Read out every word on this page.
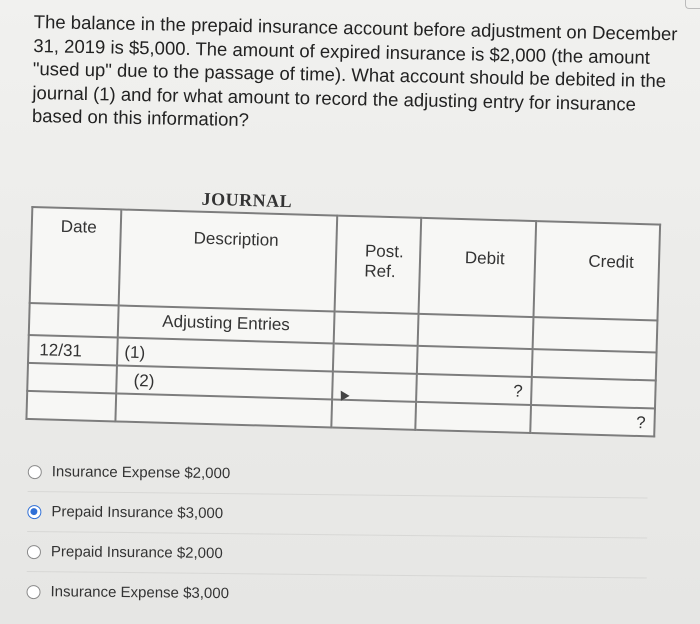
The balance in the prepaid insurance account before adjustment on December 31, 2019 is $5,000. The amount of expired insurance is $2,000 (the amount "used up" due to the passage of time). What account should be debited in the journal (1) and for what amount to record the adjusting entry for insurance based on this information?
JOURNAL
Date	Description	Post. Ref.	Debit	Credit

	Adjusting Entries			

12/31	(1)			

	(2)		?	

				?
Insurance Expense $2,000
Prepaid Insurance $3,000
Prepaid Insurance $2,000
Insurance Expense $3,000
